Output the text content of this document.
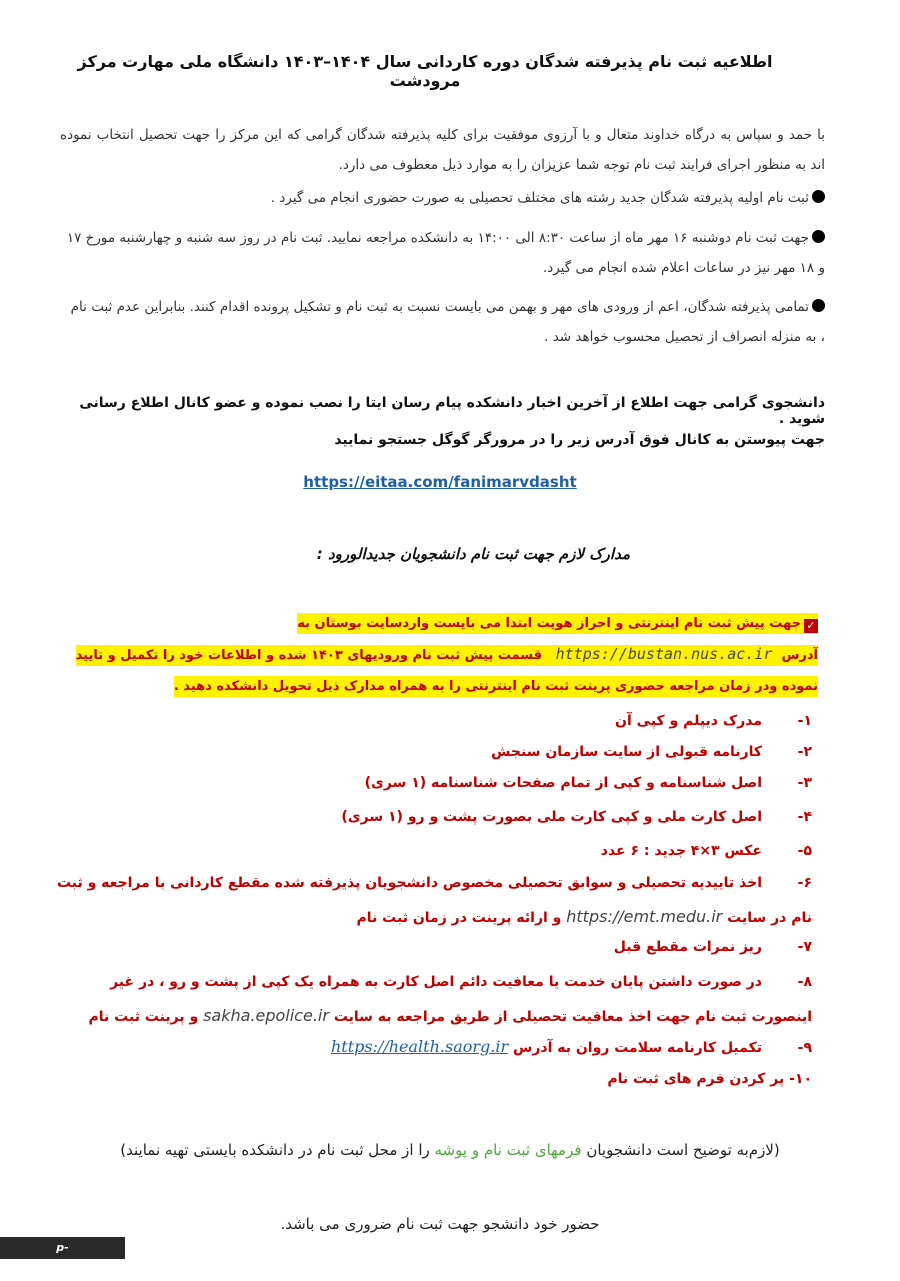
اطلاعیه ثبت نام پذیرفته شدگان دوره کاردانی سال ۱۴۰۴–۱۴۰۳ دانشگاه ملی مهارت مرکز مرودشت
با حمد و سپاس به درگاه خداوند متعال و با آرزوی موفقیت برای کلیه پذیرفته شدگان گرامی که این مرکز را جهت تحصیل انتخاب نموده اند به منظور اجرای فرایند ثبت نام توجه شما عزیزان را به موارد ذیل معطوف می دارد.
ثبت نام اولیه پذیرفته شدگان جدید رشته های مختلف تحصیلی به صورت حضوری انجام می گیرد .
جهت ثبت نام دوشنبه ۱۶ مهر ماه از ساعت ۸:۳۰ الی ۱۴:۰۰ به دانشکده مراجعه نمایید. ثبت نام در روز سه شنبه و چهارشنبه مورخ ۱۷ و ۱۸ مهر نیز در ساعات اعلام شده انجام می گیرد.
تمامی پذیرفته شدگان، اعم از ورودی های مهر و بهمن می بایست نسبت به ثبت نام و تشکیل پرونده اقدام کنند. بنابراین عدم ثبت نام ، به منزله انصراف از تحصیل محسوب خواهد شد .
دانشجوی گرامی جهت اطلاع از آخرین اخبار دانشکده پیام رسان ایتا را نصب نموده و عضو کانال اطلاع رسانی شوید .
جهت پیوستن به کانال فوق آدرس زیر را در مرورگر گوگل جستجو نمایید
https://eitaa.com/fanimarvdasht
مدارک لازم جهت ثبت نام دانشجویان جدیدالورود :
✓جهت پیش ثبت نام اینترنتی و احراز هویت ابتدا می بایست واردسایت بوستان به آدرس  https://bustan.nus.ac.ir   قسمت پیش ثبت نام ورودیهای ۱۴۰۳ شده و اطلاعات خود را تکمیل و تایید نموده ودر زمان مراجعه حضوری پرینت ثبت نام اینترنتی را به همراه مدارک ذیل تحویل دانشکده دهید .
۱-مدرک دیپلم و کپی آن
۲-کارنامه قبولی از سایت سازمان سنجش
۳-اصل شناسنامه و کپی از تمام صفحات شناسنامه (۱ سری)
۴-اصل کارت ملی و کپی کارت ملی بصورت پشت و رو (۱ سری)
۵-عکس ۳×۴ جدید : ۶ عدد
۶-اخذ تاییدیه تحصیلی و سوابق تحصیلی مخصوص دانشجویان پذیرفته شده مقطع کاردانی با مراجعه و ثبت نام در سایت https://emt.medu.ir و ارائه پرینت در زمان ثبت نام
۷-ریز نمرات مقطع قبل
۸-در صورت داشتن پایان خدمت یا معافیت دائم اصل کارت به همراه یک کپی از پشت و رو ، در غیر اینصورت ثبت نام جهت اخذ معافیت تحصیلی از طریق مراجعه به سایت sakha.epolice.ir و پرینت ثبت نام
۹-تکمیل کارنامه سلامت روان به آدرس https://health.saorg.ir
۱۰- پر کردن فرم های ثبت نام
(لازم‌به توضیح است دانشجویان فرمهای ثبت نام و پوشه را از محل ثبت نام در دانشکده بایستی تهیه نمایند)
حضور خود دانشجو جهت ثبت نام ضروری می باشد.
p-marvdasht.nus.ac.ir
